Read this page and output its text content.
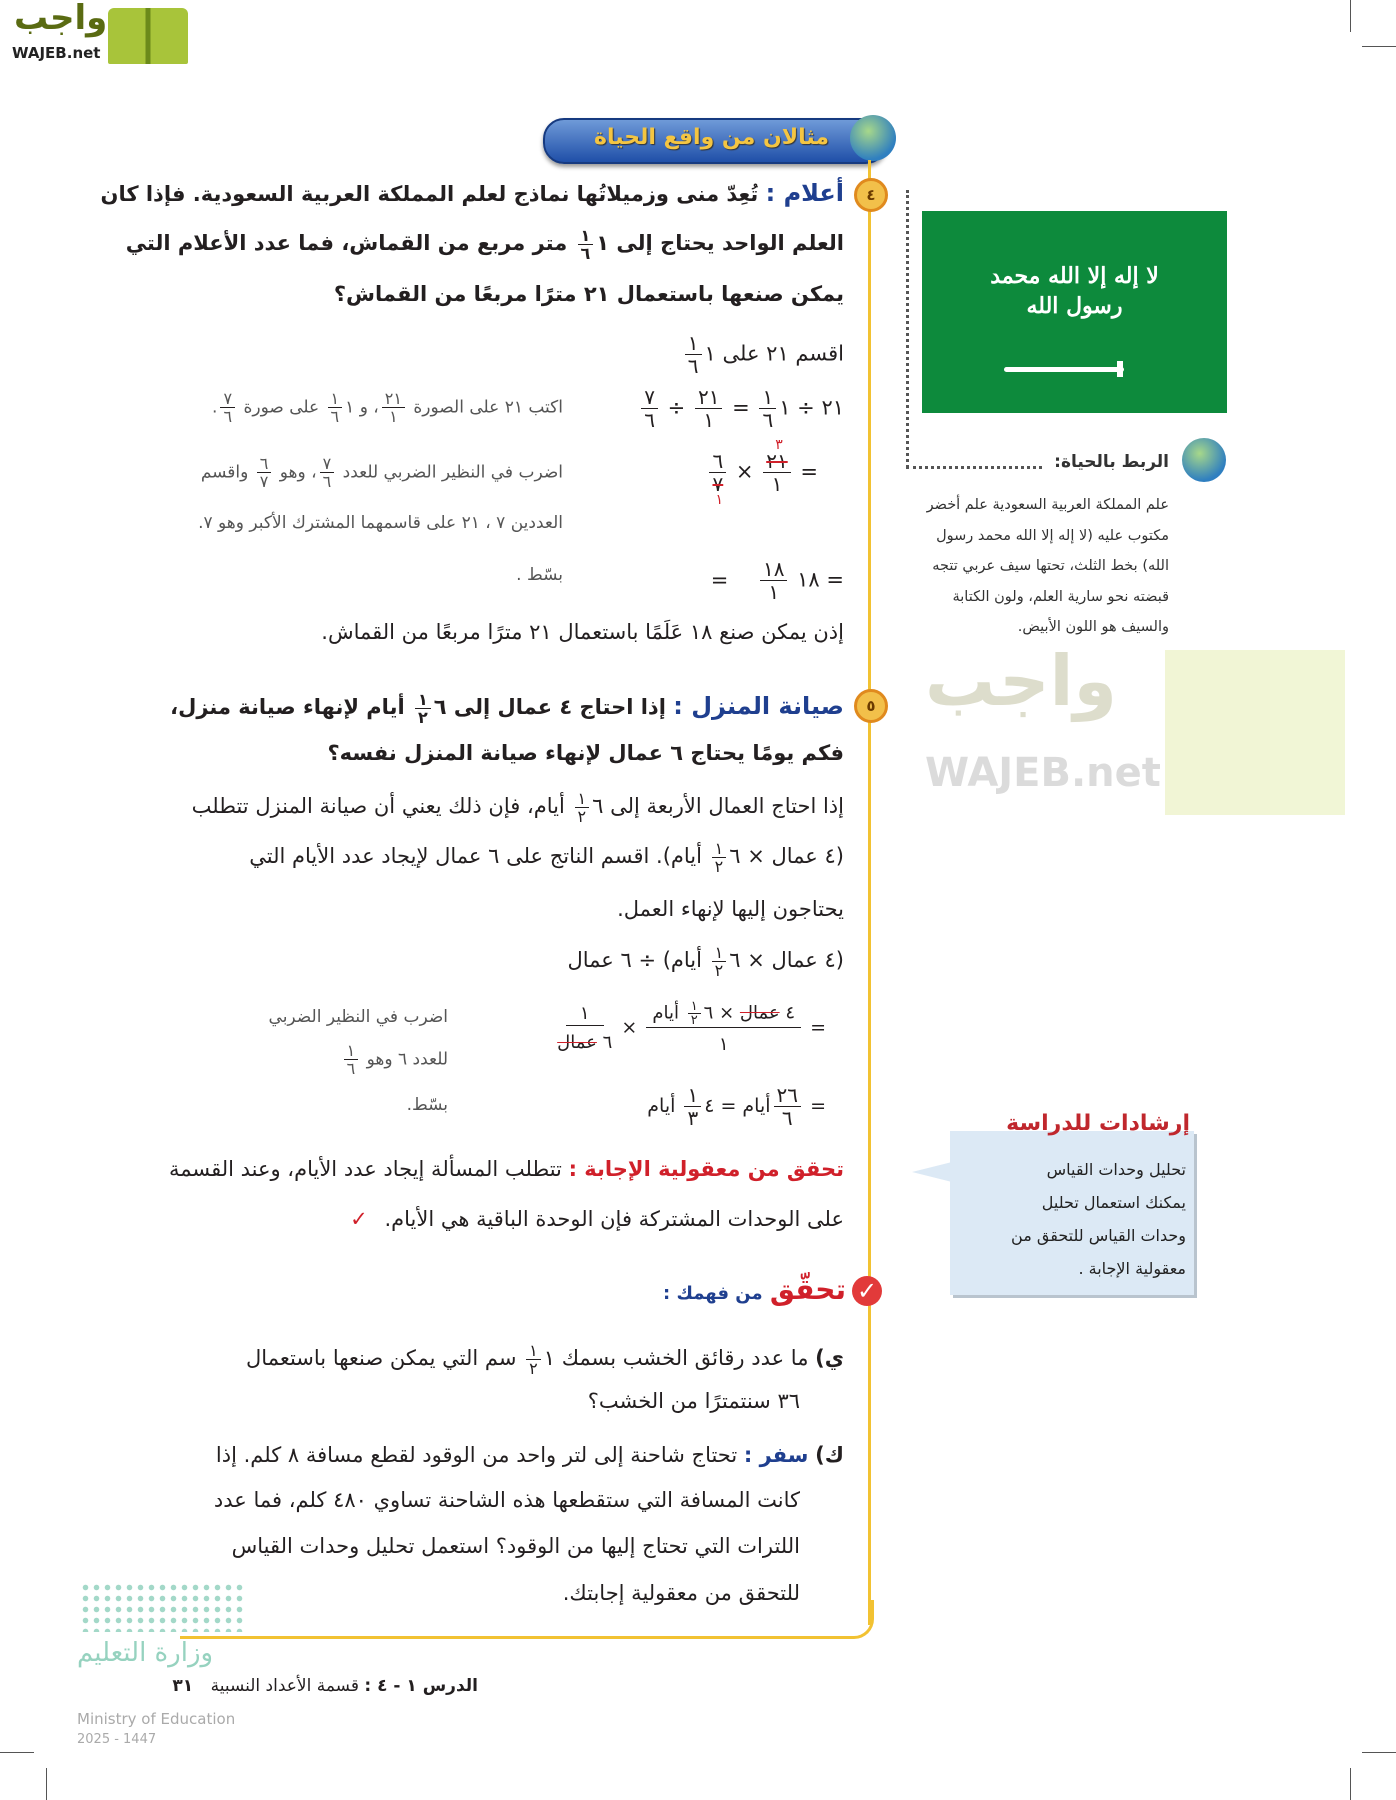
واجب
WAJEB.net
واجب
WAJEB.net
مثالان من واقع الحياة
٤
أعلام : تُعِدّ منى وزميلاتُها نماذج لعلم المملكة العربية السعودية. فإذا كان
العلم الواحد يحتاج إلى ١
$\frac{١}{٦}$
متر مربع من القماش، فما عدد الأعلام التي
يمكن صنعها باستعمال ٢١ مترًا مربعًا من القماش؟
اقسم ٢١ على ١
$\frac{١}{٦}$
٢١ ÷ ١
$\frac{١}{٦}$
=
$\frac{٢١}{١}$
÷
$\frac{٧}{٦}$
اكتب ٢١ على الصورة
$\frac{٢١}{١}$
، و ١
$\frac{١}{٦}$
على صورة
$\frac{٧}{٦}$
.
=
٣
٢١
١
×
٦
٧
١
اضرب في النظير الضربي للعدد
$\frac{٧}{٦}$
، وهو
$\frac{٦}{٧}$
واقسم
العددين ٧ ، ٢١ على قاسمهما المشترك الأكبر وهو ٧.
= ١٨
$\frac{١٨}{١}$
=
بسّط .
إذن يمكن صنع ١٨ عَلَمًا باستعمال ٢١ مترًا مربعًا من القماش.
٥
صيانة المنزل : إذا احتاج ٤ عمال إلى ٦
$\frac{١}{٢}$
أيام لإنهاء صيانة منزل،
فكم يومًا يحتاج ٦ عمال لإنهاء صيانة المنزل نفسه؟
إذا احتاج العمال الأربعة إلى ٦
$\frac{١}{٢}$
أيام، فإن ذلك يعني أن صيانة المنزل تتطلب
(٤ عمال × ٦
$\frac{١}{٢}$
أيام). اقسم الناتج على ٦ عمال لإيجاد عدد الأيام التي
يحتاجون إليها لإنهاء العمل.
(٤ عمال × ٦
$\frac{١}{٢}$
أيام) ÷ ٦ عمال
=
٤ عمال × ٦
$\frac{١}{٢}$
أيام
١
×
$\frac{١}{\text{٦ عمال}}$
اضرب في النظير الضربي
للعدد ٦ وهو
$\frac{١}{٦}$
=
$\frac{٢٦}{٦}$
أيام = ٤
$\frac{١}{٣}$
أيام
بسّط.
تحقق من معقولية الإجابة : تتطلب المسألة إيجاد عدد الأيام، وعند القسمة
على الوحدات المشتركة فإن الوحدة الباقية هي الأيام. ✓
✓
تحقّق من فهمك :
ي) ما عدد رقائق الخشب بسمك ١
$\frac{١}{٢}$
سم التي يمكن صنعها باستعمال
٣٦ سنتمترًا من الخشب؟
ك) سفر : تحتاج شاحنة إلى لتر واحد من الوقود لقطع مسافة ٨ كلم. إذا
كانت المسافة التي ستقطعها هذه الشاحنة تساوي ٤٨٠ كلم، فما عدد
اللترات التي تحتاج إليها من الوقود؟ استعمل تحليل وحدات القياس
للتحقق من معقولية إجابتك.
لا إله إلا الله محمد رسول الله
الربط بالحياة:
علم المملكة العربية السعودية علم أخضر
مكتوب عليه (لا إله إلا الله محمد رسول
الله) بخط الثلث، تحتها سيف عربي تتجه
قبضته نحو سارية العلم، ولون الكتابة
والسيف هو اللون الأبيض.
إرشادات للدراسة
تحليل وحدات القياس
يمكنك استعمال تحليل
وحدات القياس للتحقق من
معقولية الإجابة .
وزارة التعليم
Ministry of Education
2025 - 1447
الدرس ١ - ٤ : قسمة الأعداد النسبية ٣١
